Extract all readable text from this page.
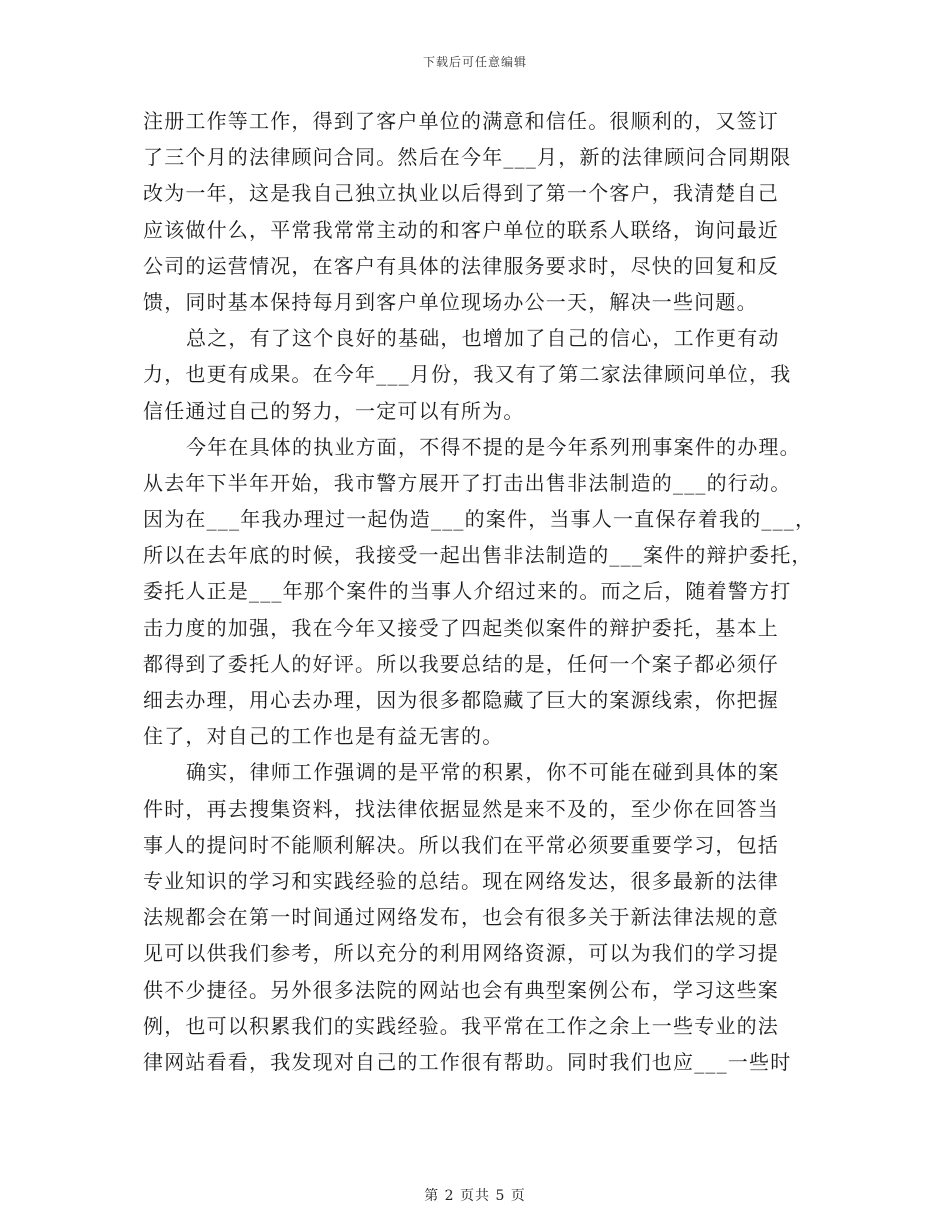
下载后可任意编辑
注册工作等工作，得到了客户单位的满意和信任。很顺利的，又签订
了三个月的法律顾问合同。然后在今年___月，新的法律顾问合同期限
改为一年，这是我自己独立执业以后得到了第一个客户，我清楚自己
应该做什么，平常我常常主动的和客户单位的联系人联络，询问最近
公司的运营情况，在客户有具体的法律服务要求时，尽快的回复和反
馈，同时基本保持每月到客户单位现场办公一天，解决一些问题。
总之，有了这个良好的基础，也增加了自己的信心，工作更有动
力，也更有成果。在今年___月份，我又有了第二家法律顾问单位，我
信任通过自己的努力，一定可以有所为。
今年在具体的执业方面，不得不提的是今年系列刑事案件的办理。
从去年下半年开始，我市警方展开了打击出售非法制造的___的行动。
因为在___年我办理过一起伪造___的案件，当事人一直保存着我的___，
所以在去年底的时候，我接受一起出售非法制造的___案件的辩护委托，
委托人正是___年那个案件的当事人介绍过来的。而之后，随着警方打
击力度的加强，我在今年又接受了四起类似案件的辩护委托，基本上
都得到了委托人的好评。所以我要总结的是，任何一个案子都必须仔
细去办理，用心去办理，因为很多都隐藏了巨大的案源线索，你把握
住了，对自己的工作也是有益无害的。
确实，律师工作强调的是平常的积累，你不可能在碰到具体的案
件时，再去搜集资料，找法律依据显然是来不及的，至少你在回答当
事人的提问时不能顺利解决。所以我们在平常必须要重要学习，包括
专业知识的学习和实践经验的总结。现在网络发达，很多最新的法律
法规都会在第一时间通过网络发布，也会有很多关于新法律法规的意
见可以供我们参考，所以充分的利用网络资源，可以为我们的学习提
供不少捷径。另外很多法院的网站也会有典型案例公布，学习这些案
例，也可以积累我们的实践经验。我平常在工作之余上一些专业的法
律网站看看，我发现对自己的工作很有帮助。同时我们也应___一些时
第 2 页共 5 页
